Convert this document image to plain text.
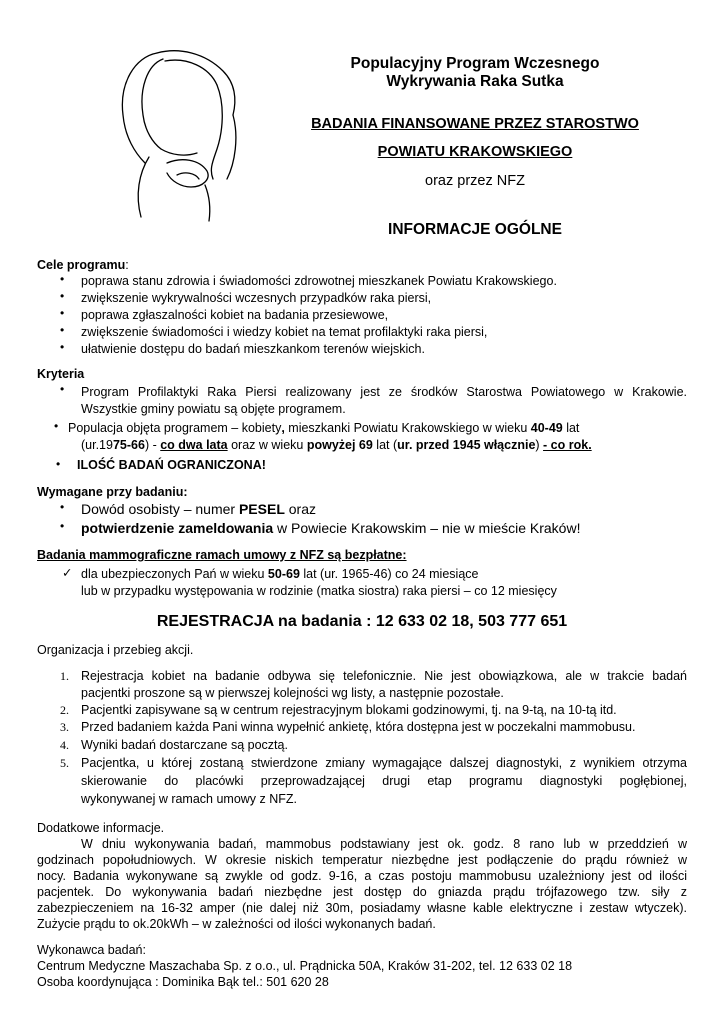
Populacyjny Program Wczesnego
Wykrywania Raka Sutka
BADANIA FINANSOWANE PRZEZ STAROSTWO
POWIATU KRAKOWSKIEGO
oraz przez NFZ
INFORMACJE OGÓLNE
Cele programu:
• poprawa stanu zdrowia i świadomości zdrowotnej mieszkanek Powiatu Krakowskiego.
• zwiększenie wykrywalności wczesnych przypadków raka piersi,
• poprawa zgłaszalności kobiet na badania przesiewowe,
• zwiększenie świadomości i wiedzy kobiet na temat profilaktyki raka piersi,
• ułatwienie dostępu do badań mieszkankom terenów wiejskich.
Kryteria
• Program Profilaktyki Raka Piersi realizowany jest ze środków Starostwa Powiatowego w Krakowie.
Wszystkie gminy powiatu są objęte programem.
• Populacja objęta programem – kobiety, mieszkanki Powiatu Krakowskiego w wieku 40-49 lat
(ur.1975-66) - co dwa lata oraz w wieku powyżej 69 lat (ur. przed 1945 włącznie) - co rok.
• ILOŚĆ BADAŃ OGRANICZONA!
Wymagane przy badaniu:
• Dowód osobisty – numer PESEL oraz
• potwierdzenie zameldowania w Powiecie Krakowskim – nie w mieście Kraków!
Badania mammograficzne ramach umowy z NFZ są bezpłatne:
✓ dla ubezpieczonych Pań w wieku 50-69 lat (ur. 1965-46) co 24 miesiące
lub w przypadku występowania w rodzinie (matka siostra) raka piersi – co 12 miesięcy
REJESTRACJA na badania : 12 633 02 18, 503 777 651
Organizacja i przebieg akcji.
1. Rejestracja kobiet na badanie odbywa się telefonicznie. Nie jest obowiązkowa, ale w trakcie badań
pacjentki proszone są w pierwszej kolejności wg listy, a następnie pozostałe.
2. Pacjentki zapisywane są w centrum rejestracyjnym blokami godzinowymi, tj. na 9-tą, na 10-tą itd.
3. Przed badaniem każda Pani winna wypełnić ankietę, która dostępna jest w poczekalni mammobusu.
4. Wyniki badań dostarczane są pocztą.
5. Pacjentka, u której zostaną stwierdzone zmiany wymagające dalszej diagnostyki, z wynikiem otrzyma
skierowanie do placówki przeprowadzającej drugi etap programu diagnostyki pogłębionej,
wykonywanej w ramach umowy z NFZ.
Dodatkowe informacje.
W dniu wykonywania badań, mammobus podstawiany jest ok. godz. 8 rano lub w przeddzień w
godzinach popołudniowych. W okresie niskich temperatur niezbędne jest podłączenie do prądu również w
nocy. Badania wykonywane są zwykle od godz. 9-16, a czas postoju mammobusu uzależniony jest od ilości
pacjentek. Do wykonywania badań niezbędne jest dostęp do gniazda prądu trójfazowego tzw. siły z
zabezpieczeniem na 16-32 amper (nie dalej niż 30m, posiadamy własne kable elektryczne i zestaw wtyczek).
Zużycie prądu to ok.20kWh – w zależności od ilości wykonanych badań.
Wykonawca badań:
Centrum Medyczne Maszachaba Sp. z o.o., ul. Prądnicka 50A, Kraków 31-202, tel. 12 633 02 18
Osoba koordynująca : Dominika Bąk tel.: 501 620 28
